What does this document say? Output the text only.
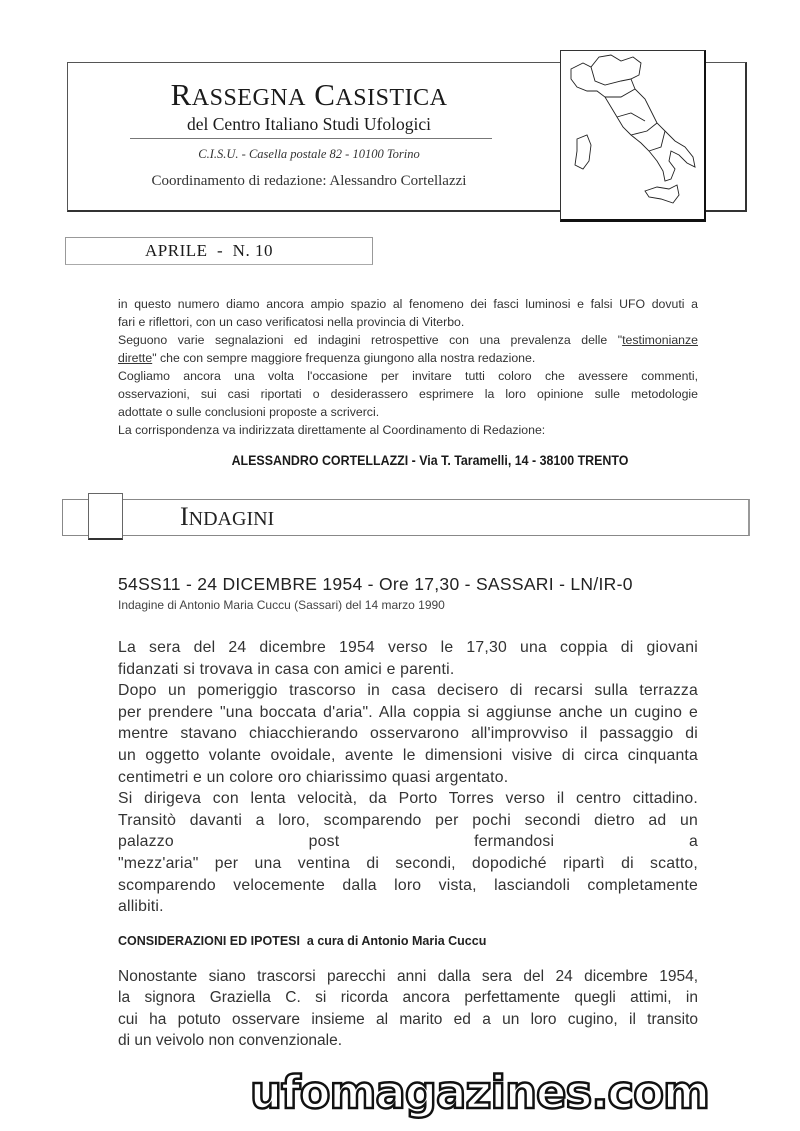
RASSEGNA CASISTICA
del Centro Italiano Studi Ufologici
C.I.S.U. - Casella postale 82 - 10100 Torino
Coordinamento di redazione: Alessandro Cortellazzi
APRILE  -  N. 10
in questo numero diamo ancora ampio spazio al fenomeno dei fasci luminosi e falsi UFO dovuti a
fari e riflettori, con un caso verificatosi nella provincia di Viterbo.
Seguono varie segnalazioni ed indagini retrospettive con una prevalenza delle "testimonianze
dirette" che con sempre maggiore frequenza giungono alla nostra redazione.
Cogliamo ancora una volta l'occasione per invitare tutti coloro che avessere commenti,
osservazioni, sui casi riportati o desiderassero esprimere la loro opinione sulle metodologie
adottate o sulle conclusioni proposte a scriverci.
La corrispondenza va indirizzata direttamente al Coordinamento di Redazione:
ALESSANDRO CORTELLAZZI - Via T. Taramelli, 14 - 38100 TRENTO
INDAGINI
54SS11 - 24 DICEMBRE 1954 - Ore 17,30 - SASSARI - LN/IR-0
Indagine di Antonio Maria Cuccu (Sassari) del 14 marzo 1990
La sera del 24 dicembre 1954 verso le 17,30 una coppia di giovani
fidanzati si trovava in casa con amici e parenti.
Dopo un pomeriggio trascorso in casa decisero di recarsi sulla terrazza
per prendere "una boccata d'aria". Alla coppia si aggiunse anche un cugino e
mentre stavano chiacchierando osservarono all'improvviso il passaggio di
un oggetto volante ovoidale, avente le dimensioni visive di circa cinquanta
centimetri e un colore oro chiarissimo quasi argentato.
Si dirigeva con lenta velocità, da Porto Torres verso il centro cittadino.
Transitò davanti a loro, scomparendo per pochi secondi dietro ad un
palazzo post fermandosi a
"mezz'aria" per una ventina di secondi, dopodiché ripartì di scatto,
scomparendo velocemente dalla loro vista, lasciandoli completamente
allibiti.
CONSIDERAZIONI ED IPOTESI a cura di Antonio Maria Cuccu
Nonostante siano trascorsi parecchi anni dalla sera del 24 dicembre 1954,
la signora Graziella C. si ricorda ancora perfettamente quegli attimi, in
cui ha potuto osservare insieme al marito ed a un loro cugino, il transito
di un veivolo non convenzionale.
ufomagazines.com
